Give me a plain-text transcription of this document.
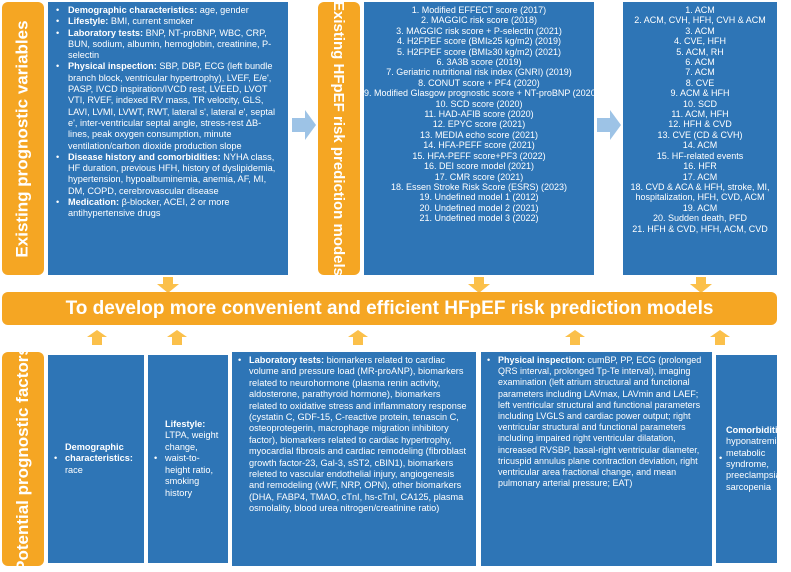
Existing prognostic variables
• Demographic characteristics: age, gender
• Lifestyle: BMI, current smoker
• Laboratory tests: BNP, NT-proBNP, WBC, CRP, BUN, sodium, albumin, hemoglobin, creatinine, P-selectin
• Physical inspection: SBP, DBP, ECG (left bundle branch block, ventricular hypertrophy), LVEF, E/e', PASP, IVCD inspiration/IVCD rest, LVEED, LVOT VTI, RVEF, indexed RV mass, TR velocity, GLS, LAVI, LVMI, LVWT, RWT, lateral s', lateral e', septal e', inter-ventricular septal angle, stress-rest ΔB-lines, peak oxygen consumption, minute ventilation/carbon dioxide production slope
• Disease history and comorbidities: NYHA class, HF duration, previous HFH, history of dyslipidemia, hypertension, hypoalbuminemia, anemia, AF, MI, DM, COPD, cerebrovascular disease
• Medication: β-blocker, ACEI, 2 or more antihypertensive drugs	Existing HFpEF risk prediction models	1. Modified EFFECT score (2017)
2. MAGGIC risk score (2018)
3. MAGGIC risk score + P-selectin (2021)
4. H2FPEF score (BMI≥25 kg/m2) (2019)
5. H2FPEF score (BMI≥30 kg/m2) (2021)
6. 3A3B score (2019)
7. Geriatric nutritional risk index (GNRI) (2019)
8. CONUT score + PF4 (2020)
9. Modified Glasgow prognostic score + NT-proBNP (2020)
10. SCD score (2020)
11. HAD-AFIB score (2020)
12. EPYC score (2021)
13. MEDIA echo score (2021)
14. HFA-PEFF score (2021)
15. HFA-PEFF score+PF3 (2022)
16. DEI score model (2021)
17. CMR score (2021)
18. Essen Stroke Risk Score (ESRS) (2023)
19. Undefined model 1 (2012)
20. Undefined model 2 (2021)
21. Undefined model 3 (2022)
1. ACM
2. ACM, CVH, HFH, CVH & ACM
3. ACM
4. CVE, HFH
5. ACM, RH
6. ACM
7. ACM
8. CVE
9. ACM & HFH
10. SCD
11. ACM, HFH
12. HFH & CVD
13. CVE (CD & CVH)
14. ACM
15. HF-related events
16. HFR
17. ACM
18. CVD & ACA & HFH, stroke, MI,
hospitalization, HFH, CVD, ACM
19. ACM
20. Sudden death, PFD
21. HFH & CVD, HFH, ACM, CVD
To develop more convenient and efficient HFpEF risk prediction models
Potential prognostic factors •
Demographic characteristics: race
•
Lifestyle: LTPA, weight change, waist-to-height ratio, smoking history
• Laboratory tests: biomarkers related to cardiac volume and pressure load (MR-proANP), biomarkers related to neurohormone (plasma renin activity, aldosterone, parathyroid hormone), biomarkers related to oxidative stress and inflammatory response (cystatin C, GDF-15, C-reactive protein, tenascin C, osteoprotegerin, macrophage migration inhibitory factor), biomarkers related to cardiac hypertrophy, myocardial fibrosis and cardiac remodeling (fibroblast growth factor-23, Gal-3, sST2, cBIN1), biomarkers releted to vascular endothelial injury, angiogenesis and remodeling (vWF, NRP, OPN), other biomarkers (DHA, FABP4, TMAO, cTnI, hs-cTnI, CA125, plasma osmolality, blood urea nitrogen/creatinine ratio)
• Physical inspection: cumBP, PP, ECG (prolonged QRS interval, prolonged Tp-Te interval), imaging examination (left atrium structural and functional parameters including LAVmax, LAVmin and LAEF; left ventricular structural and functional parameters including LVGLS and cardiac power output; right ventricular structural and functional parameters including impaired right ventricular dilatation, increased RVSBP, basal-right ventricular diameter, tricuspid annulus plane contraction deviation, right ventricular area fractional change, and mean pulmonary arterial pressure; EAT)
•
Comorbidities: hyponatremia, metabolic syndrome, preeclampsia, sarcopenia
